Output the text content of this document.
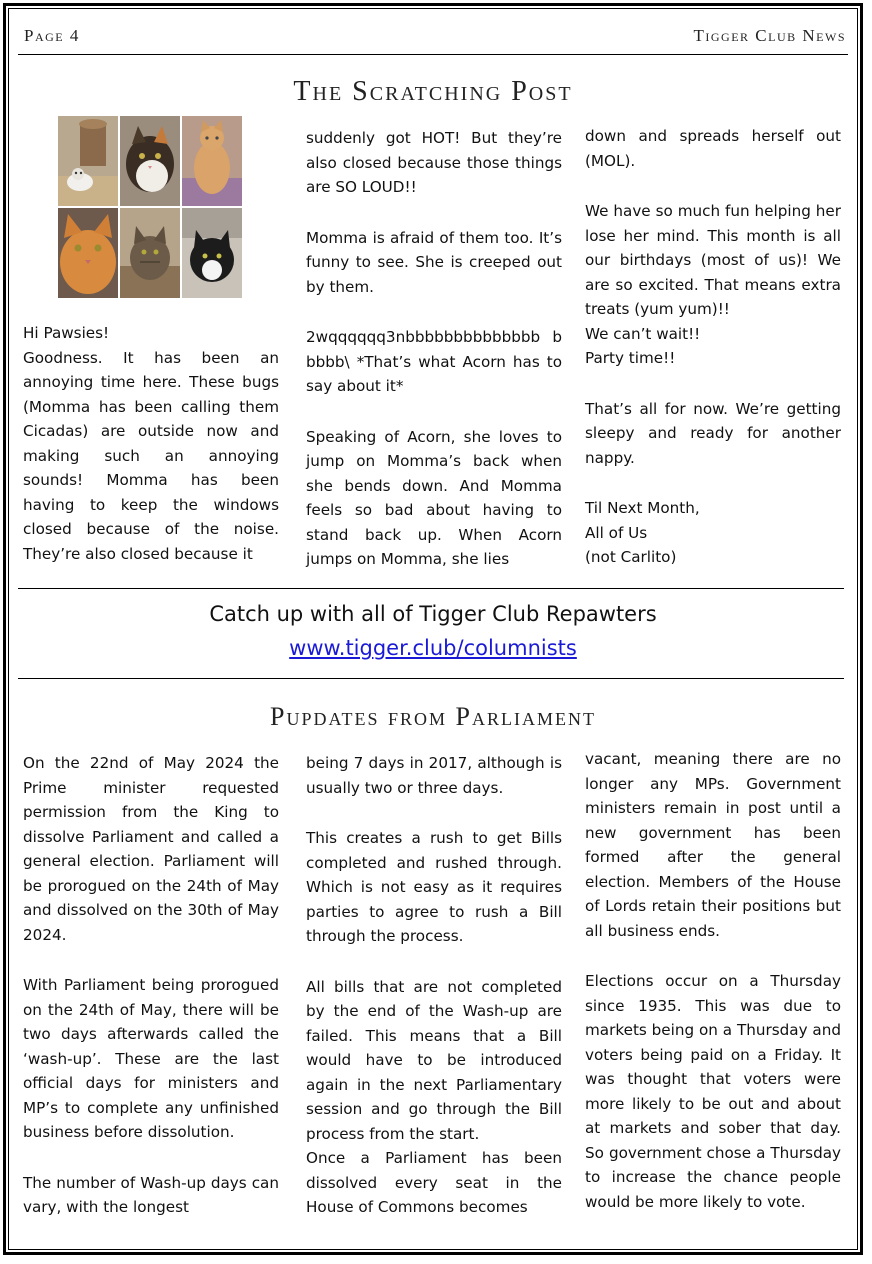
Page 4	Tigger Club News
The Scratching Post

Hi Pawsies!

Goodness. It has been an annoying time here. These bugs (Momma has been calling them Cicadas) are outside now and making such an annoying sounds! Momma has been having to keep the windows closed because of the noise. They’re also closed because it

suddenly got HOT! But they’re also closed because those things are SO LOUD!!

Momma is afraid of them too. It’s funny to see. She is creeped out by them.

2wqqqqqq3nbbbbbbbbbbbbbb bbbbb\ *That’s what Acorn has to say about it*

Speaking of Acorn, she loves to jump on Momma’s back when she bends down. And Momma feels so bad about having to stand back up. When Acorn jumps on Momma, she lies

down and spreads herself out (MOL).

We have so much fun helping her lose her mind. This month is all our birthdays (most of us)! We are so excited. That means extra treats (yum yum)!!

We can’t wait!!

Party time!!

That’s all for now. We’re getting sleepy and ready for another nappy.

Til Next Month,

All of Us

(not Carlito)

Catch up with all of Tigger Club Repawters
www.tigger.club/columnists
Pupdates from Parliament

On the 22nd of May 2024 the Prime minister requested permission from the King to dissolve Parliament and called a general election. Parliament will be prorogued on the 24th of May and dissolved on the 30th of May 2024.

With Parliament being prorogued on the 24th of May, there will be two days afterwards called the ‘wash-up’. These are the last official days for ministers and MP’s to complete any unfinished business before dissolution.

The number of Wash-up days can vary, with the longest

being 7 days in 2017, although is usually two or three days.

This creates a rush to get Bills completed and rushed through. Which is not easy as it requires parties to agree to rush a Bill through the process.

All bills that are not completed by the end of the Wash-up are failed. This means that a Bill would have to be introduced again in the next Parliamentary session and go through the Bill process from the start.

Once a Parliament has been dissolved every seat in the House of Commons becomes

vacant, meaning there are no longer any MPs. Government ministers remain in post until a new government has been formed after the general election. Members of the House of Lords retain their positions but all business ends.

Elections occur on a Thursday since 1935. This was due to markets being on a Thursday and voters being paid on a Friday. It was thought that voters were more likely to be out and about at markets and sober that day. So government chose a Thursday to increase the chance people would be more likely to vote.
